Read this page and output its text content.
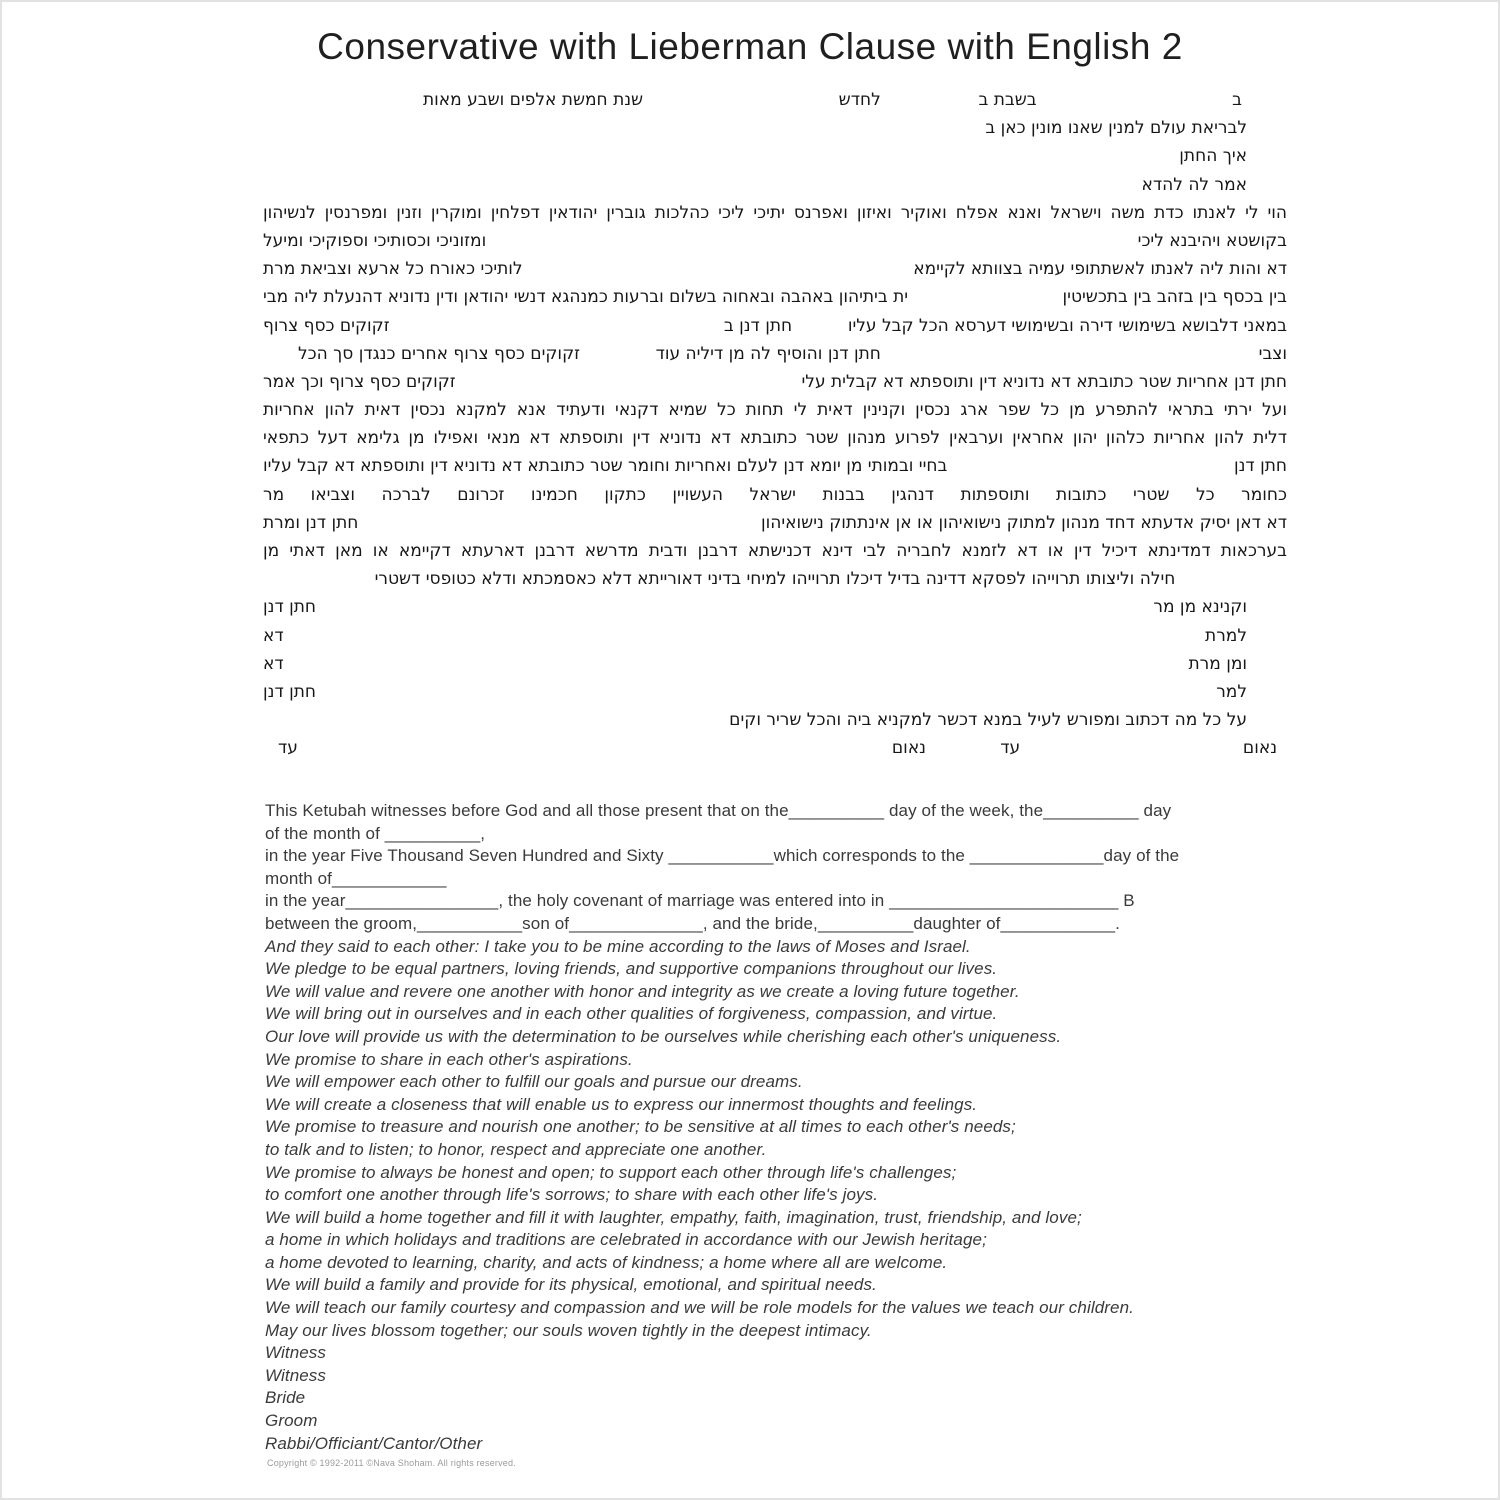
Conservative with Lieberman Clause with English 2
שנת חמשת אלפים ושבע מאות	לחדש	בשבת ב	ב
לבריאת עולם למנין שאנו מונין כאן ב
איך החתן
אמר לה להדא
הוי לי לאנתו כדת משה וישראל ואנא אפלח ואוקיר ואיזון ואפרנס יתיכי ליכי כהלכות גוברין יהודאין דפלחין ומוקרין וזנין ומפרנסין לנשיהון
ומזוניכי וכסותיכי וספוקיכי ומיעל	בקושטא ויהיבנא ליכי
לותיכי כאורח כל ארעא וצביאת מרת	דא והות ליה לאנתו לאשתתופי עמיה בצוותא לקיימא
ית ביתיהון באהבה ובאחוה בשלום וברעות כמנהגא דנשי יהודאן ודין נדוניא דהנעלת ליה מבי	בין בכסף בין בזהב בין בתכשיטין
זקוקים כסף צרוף	חתן דנן ב	במאני דלבושא בשימושי דירה ובשימושי דערסא הכל קבל עליו
זקוקים כסף צרוף אחרים כנגדן סך הכל	חתן דנן והוסיף לה מן דיליה עוד	וצבי
זקוקים כסף צרוף וכך אמר	חתן דנן אחריות שטר כתובתא דא נדוניא דין ותוספתא דא קבלית עלי
ועל ירתי בתראי להתפרע מן כל שפר ארג נכסין וקנינין דאית לי תחות כל שמיא דקנאי ודעתיד אנא למקנא נכסין דאית להון אחריות
דלית להון אחריות כלהון יהון אחראין וערבאין לפרוע מנהון שטר כתובתא דא נדוניא דין ותוספתא דא מנאי ואפילו מן גלימא דעל כתפאי
בחיי ובמותי מן יומא דנן לעלם ואחריות וחומר שטר כתובתא דא נדוניא דין ותוספתא דא קבל עליו	חתן דנן
כחומר כל שטרי כתובות ותוספתות דנהגין בבנות ישראל העשויין כתקון חכמינו זכרונם לברכה וצביאו מר
חתן דנן ומרת	דא דאן יסיק אדעתא דחד מנהון למתוק נישואיהון או אן אינתתוק נישואיהון
בערכאות דמדינתא דיכיל דין או דא לזמנא לחבריה לבי דינא דכנישתא דרבנן ודבית מדרשא דרבנן דארעתא דקיימא או מאן דאתי מן
חילה וליצותו תרוייהו לפסקא דדינה בדיל דיכלו תרוייהו למיחי בדיני דאורייתא דלא כאסמכתא ודלא כטופסי דשטרי
חתן דנן	וקנינא מן מר
דא	למרת
דא	ומן מרת
חתן דנן	למר
על כל מה דכתוב ומפורש לעיל במנא דכשר למקניא ביה והכל שריר וקים
עד	נאום	עד	נאום
This Ketubah witnesses before God and all those present that on the__________ day of the week, the__________ day
of the month of __________,
in the year Five Thousand Seven Hundred and Sixty ___________which corresponds to the ______________day of the
month of____________
in the year________________, the holy covenant of marriage was entered into in ________________________ B
between the groom,___________son of______________, and the bride,__________daughter of____________.
And they said to each other: I take you to be mine according to the laws of Moses and Israel.
We pledge to be equal partners, loving friends, and supportive companions throughout our lives.
We will value and revere one another with honor and integrity as we create a loving future together.
We will bring out in ourselves and in each other qualities of forgiveness, compassion, and virtue.
Our love will provide us with the determination to be ourselves while cherishing each other's uniqueness.
We promise to share in each other's aspirations.
We will empower each other to fulfill our goals and pursue our dreams.
We will create a closeness that will enable us to express our innermost thoughts and feelings.
We promise to treasure and nourish one another; to be sensitive at all times to each other's needs;
to talk and to listen; to honor, respect and appreciate one another.
We promise to always be honest and open; to support each other through life's challenges;
to comfort one another through life's sorrows; to share with each other life's joys.
We will build a home together and fill it with laughter, empathy, faith, imagination, trust, friendship, and love;
a home in which holidays and traditions are celebrated in accordance with our Jewish heritage;
a home devoted to learning, charity, and acts of kindness; a home where all are welcome.
We will build a family and provide for its physical, emotional, and spiritual needs.
We will teach our family courtesy and compassion and we will be role models for the values we teach our children.
May our lives blossom together; our souls woven tightly in the deepest intimacy.
Witness
Witness
Bride
Groom
Rabbi/Officiant/Cantor/Other
Copyright © 1992-2011 ©Nava Shoham. All rights reserved.
